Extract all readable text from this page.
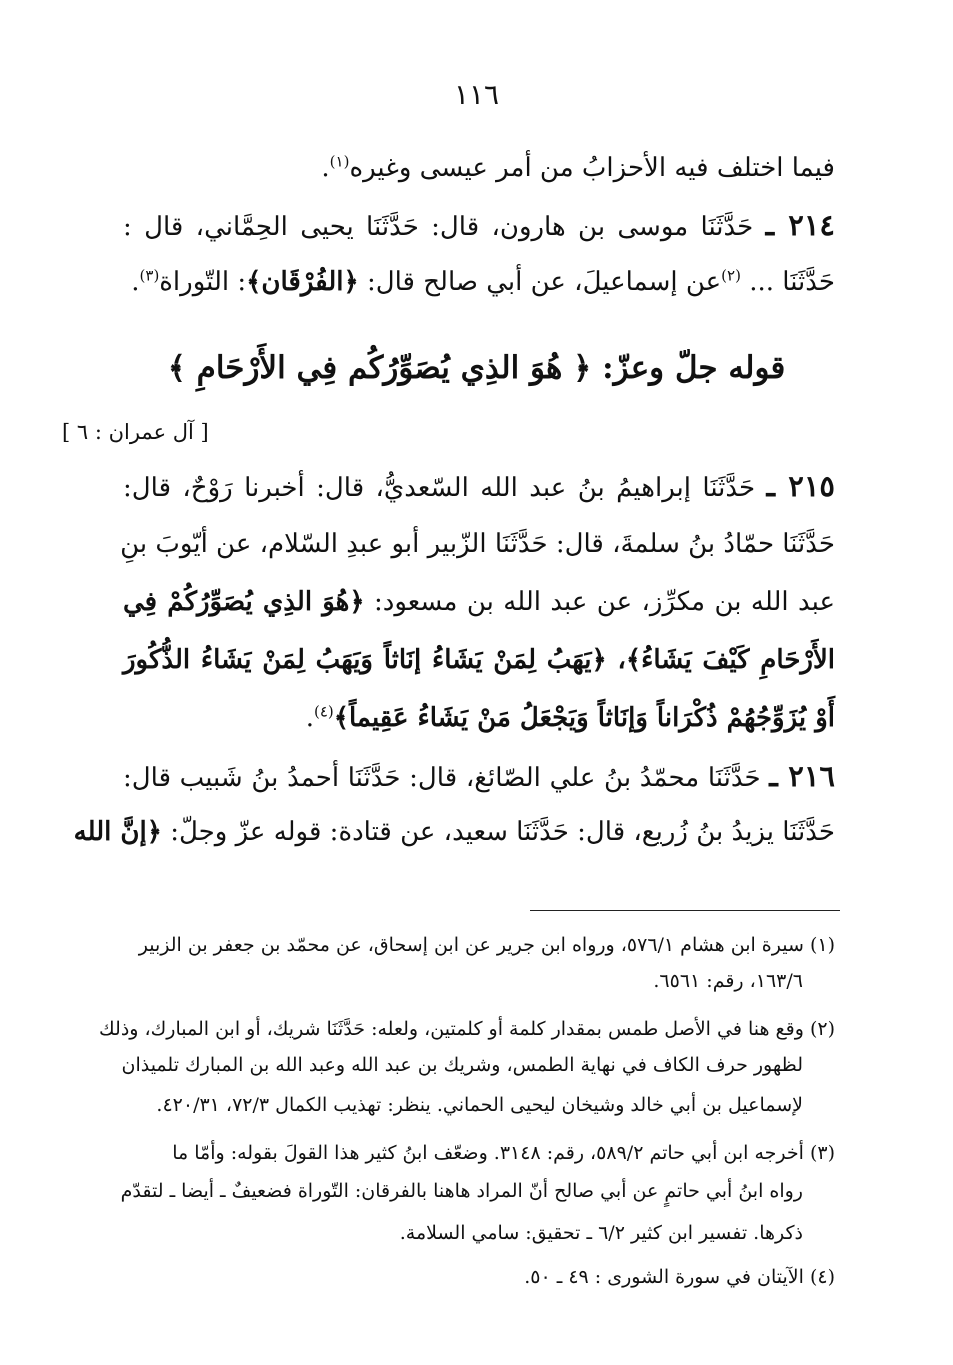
١١٦
فيما اختلف فيه الأحزابُ من أمر عيسى وغيره$^{(١)}$.
٢١٤ ـ حَدَّثَنَا موسى بن هارون، قال: حَدَّثَنَا يحيى الحِمَّاني، قال :
حَدَّثَنَا ... $^{(٢)}$عن إسماعيلَ، عن أبي صالح قال: ﴿الفُرْقَان﴾: التّوراة$^{(٣)}$.
قوله جلّ وعزّ: ﴿ هُوَ الذِي يُصَوِّرُكُم فِي الأَرْحَامِ ﴾
[ آل عمران : ٦ ]
٢١٥ ـ حَدَّثَنَا إبراهيمُ بنُ عبد الله السّعديُّ، قال: أخبرنا رَوْحٌ، قال:
حَدَّثَنَا حمّادُ بنُ سلمةَ، قال: حَدَّثَنَا الزّبير أبو عبدِ السّلام، عن أيّوبَ بنِ
عبد الله بن مكرِّز، عن عبد الله بن مسعود: ﴿هُوَ الذِي يُصَوِّرُكُمْ فِي
الأَرْحَامِ كَيْفَ يَشَاءُ﴾، ﴿يَهَبُ لِمَنْ يَشَاءُ إنَاثاً وَيَهَبُ لِمَنْ يَشَاءُ الذُّكُورَ
أَوْ يُزَوِّجُهُمْ ذُكْرَاناً وَإنَاثاً وَيَجْعَلُ مَنْ يَشَاءُ عَقِيماً﴾$^{(٤)}$.
٢١٦ ـ حَدَّثَنَا محمّدُ بنُ علي الصّائغ، قال: حَدَّثَنَا أحمدُ بنُ شَبيب قال:
حَدَّثَنَا يزيدُ بنُ زُريع، قال: حَدَّثَنَا سعيد، عن قتادة: قوله عزّ وجلّ: ﴿إنَّ الله
(١) سيرة ابن هشام ٥٧٦/١، ورواه ابن جرير عن ابن إسحاق، عن محمّد بن جعفر بن الزبير
١٦٣/٦، رقم: ٦٥٦١.
(٢) وقع هنا في الأصل طمس بمقدار كلمة أو كلمتين، ولعله: حَدَّثَنَا شريك، أو ابن المبارك، وذلك
لظهور حرف الكاف في نهاية الطمس، وشريك بن عبد الله وعبد الله بن المبارك تلميذان
لإسماعيل بن أبي خالد وشيخان ليحيى الحماني. ينظر: تهذيب الكمال ٧٢/٣، ٤٢٠/٣١.
(٣) أخرجه ابن أبي حاتم ٥٨٩/٢، رقم: ٣١٤٨. وضعّف ابنُ كثير هذا القولَ بقوله: وأمّا ما
رواه ابنُ أبي حاتمٍ عن أبي صالح أنّ المراد هاهنا بالفرقان: التّوراة فضعيفٌ ـ أيضا ـ لتقدّم
ذكرها. تفسير ابن كثير ٦/٢ ـ تحقيق: سامي السلامة.
(٤) الآيتان في سورة الشورى : ٤٩ ـ ٥٠.
